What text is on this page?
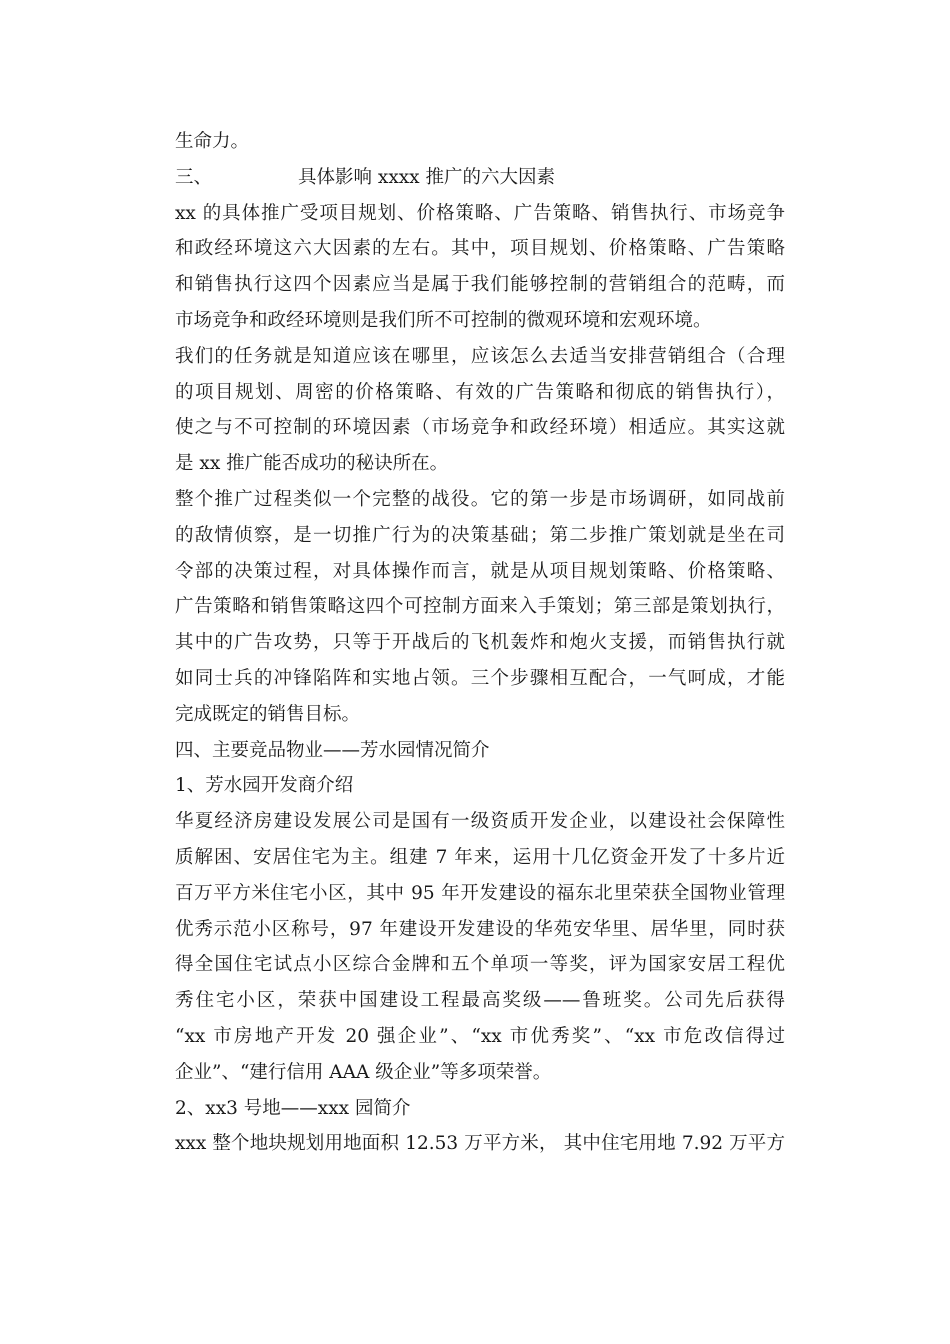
生命力。
三、	具体影响 xxxx 推广的六大因素
xx 的具体推广受项目规划、价格策略、广告策略、销售执行、市场竞争
和政经环境这六大因素的左右。其中，项目规划、价格策略、广告策略
和销售执行这四个因素应当是属于我们能够控制的营销组合的范畴，而
市场竞争和政经环境则是我们所不可控制的微观环境和宏观环境。
我们的任务就是知道应该在哪里，应该怎么去适当安排营销组合（合理
的项目规划、周密的价格策略、有效的广告策略和彻底的销售执行），
使之与不可控制的环境因素（市场竞争和政经环境）相适应。其实这就
是 xx 推广能否成功的秘诀所在。
整个推广过程类似一个完整的战役。它的第一步是市场调研，如同战前
的敌情侦察，是一切推广行为的决策基础；第二步推广策划就是坐在司
令部的决策过程，对具体操作而言，就是从项目规划策略、价格策略、
广告策略和销售策略这四个可控制方面来入手策划；第三部是策划执行，
其中的广告攻势，只等于开战后的飞机轰炸和炮火支援，而销售执行就
如同士兵的冲锋陷阵和实地占领。三个步骤相互配合，一气呵成，才能
完成既定的销售目标。
四、主要竞品物业——芳水园情况简介
1、芳水园开发商介绍
华夏经济房建设发展公司是国有一级资质开发企业，以建设社会保障性
质解困、安居住宅为主。组建 7 年来，运用十几亿资金开发了十多片近
百万平方米住宅小区，其中 95 年开发建设的福东北里荣获全国物业管理
优秀示范小区称号，97 年建设开发建设的华苑安华里、居华里，同时获
得全国住宅试点小区综合金牌和五个单项一等奖，评为国家安居工程优
秀住宅小区，荣获中国建设工程最高奖级——鲁班奖。公司先后获得
“xx 市房地产开发 20 强企业”、“xx 市优秀奖”、“xx 市危改信得过
企业”、“建行信用 AAA 级企业”等多项荣誉。
2、xx3 号地——xxx 园简介
xxx 整个地块规划用地面积 12.53 万平方米， 其中住宅用地 7.92 万平方
